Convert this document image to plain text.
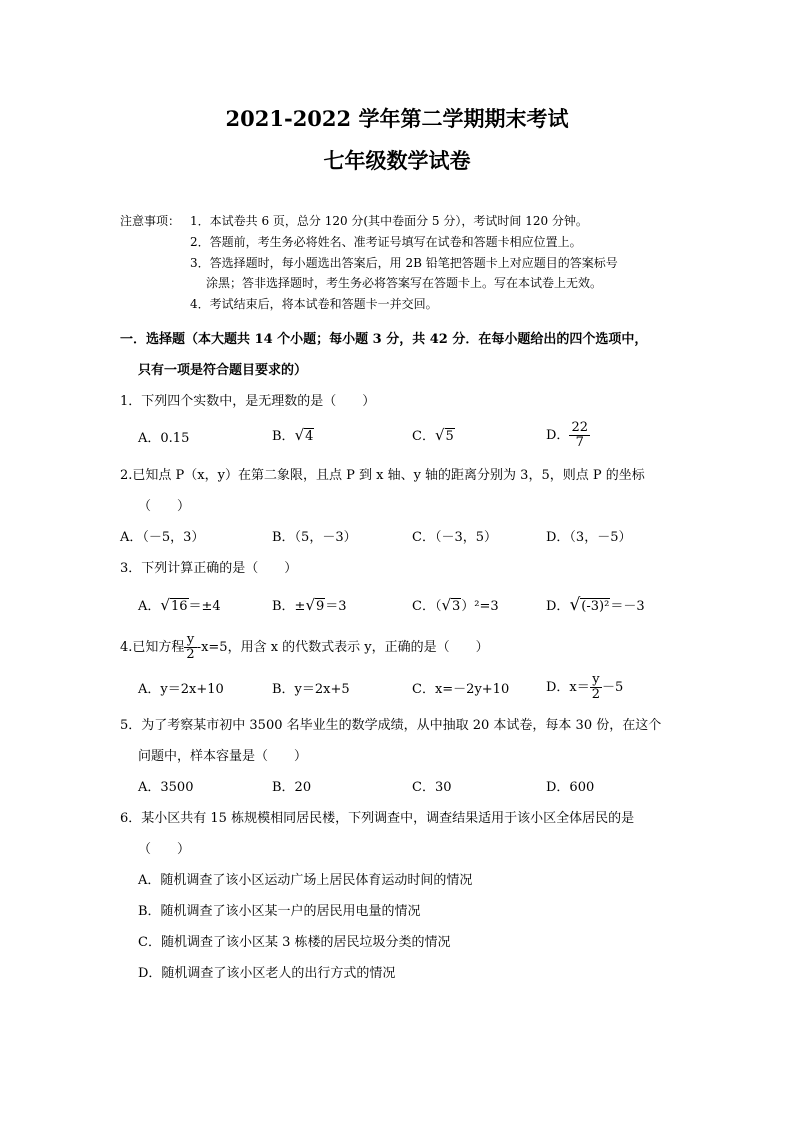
2021-2022 学年第二学期期末考试
七年级数学试卷
注意事项： 1．本试卷共 6 页，总分 120 分(其中卷面分 5 分），考试时间 120 分钟。
2．答题前，考生务必将姓名、准考证号填写在试卷和答题卡相应位置上。
3．答选择题时，每小题选出答案后，用 2B 铅笔把答题卡上对应题目的答案标号
涂黑；答非选择题时，考生务必将答案写在答题卡上。写在本试卷上无效。
4．考试结束后，将本试卷和答题卡一并交回。
一．选择题（本大题共 14 个小题；每小题 3 分，共 42 分．在每小题给出的四个选项中，
只有一项是符合题目要求的）
1．下列四个实数中，是无理数的是（　　）
A．0.15	B．√4	C．√5	D． $\frac{22}{7}$
2.已知点 P（x，y）在第二象限，且点 P 到 x 轴、y 轴的距离分别为 3，5，则点 P 的坐标
（　　）
A．（－5，3）	B．（5，－3）	C．（－3，5）	D．（3，－5）
3．下列计算正确的是（　　）
A．√16＝±4	B．±√9＝3	C．（√3）²=3	D．√(-3)²＝－3
4.已知方程 $\frac{y}{2} -x=5$，用含 x 的代数式表示 y，正确的是（　　）
A．y＝2x+10	B．y＝2x+5	C．x=－2y+10	D．$x= \frac{y}{2} -5$
5．为了考察某市初中 3500 名毕业生的数学成绩，从中抽取 20 本试卷，每本 30 份，在这个
问题中，样本容量是（　　）
A．3500	B．20	C．30	D．600
6．某小区共有 15 栋规模相同居民楼，下列调查中，调查结果适用于该小区全体居民的是
（　　）
A．随机调查了该小区运动广场上居民体育运动时间的情况
B．随机调查了该小区某一户的居民用电量的情况
C．随机调查了该小区某 3 栋楼的居民垃圾分类的情况
D．随机调查了该小区老人的出行方式的情况
